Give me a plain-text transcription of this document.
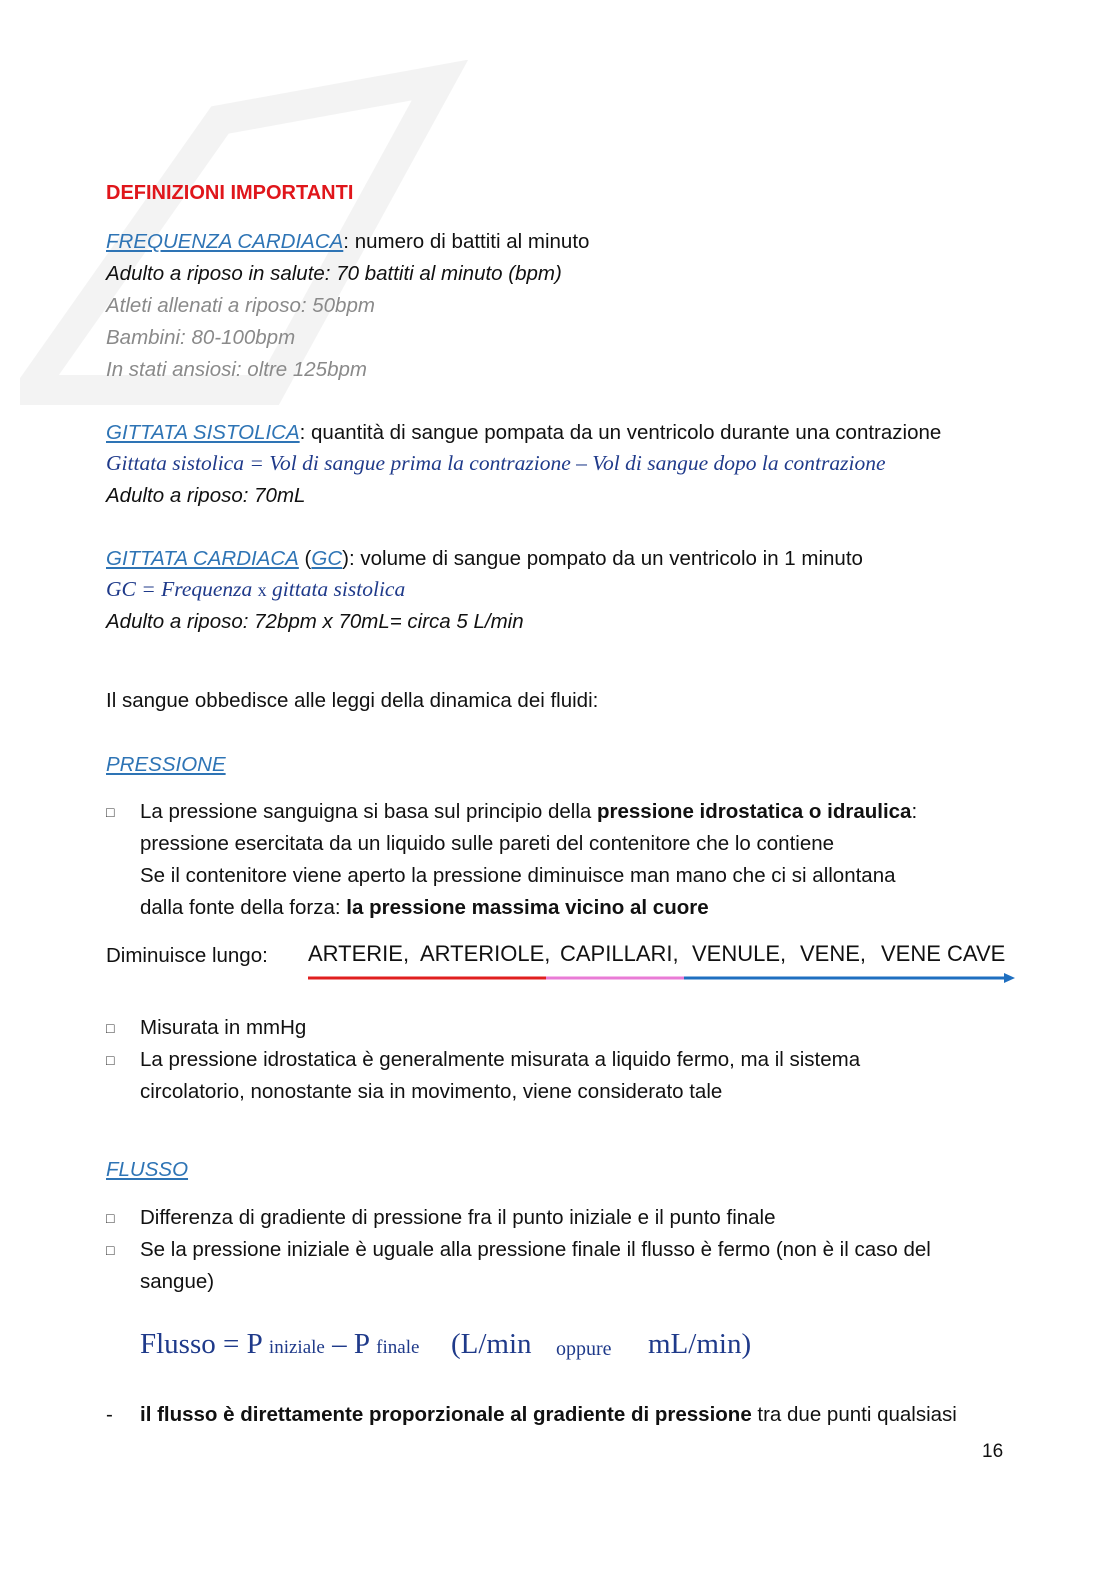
DEFINIZIONI IMPORTANTI
FREQUENZA CARDIACA: numero di battiti al minuto
Adulto a riposo in salute: 70 battiti al minuto (bpm)
Atleti allenati a riposo: 50bpm
Bambini: 80-100bpm
In stati ansiosi: oltre 125bpm
GITTATA SISTOLICA: quantità di sangue pompata da un ventricolo durante una contrazione
Gittata sistolica = Vol di sangue prima la contrazione – Vol di sangue dopo la contrazione
Adulto a riposo: 70mL
GITTATA CARDIACA (GC): volume di sangue pompato da un ventricolo in 1 minuto
GC = Frequenza x gittata sistolica
Adulto a riposo: 72bpm x 70mL= circa 5 L/min
Il sangue obbedisce alle leggi della dinamica dei fluidi:
PRESSIONE
□ La pressione sanguigna si basa sul principio della pressione idrostatica o idraulica:
pressione esercitata da un liquido sulle pareti del contenitore che lo contiene
Se il contenitore viene aperto la pressione diminuisce man mano che ci si allontana
dalla fonte della forza: la pressione massima vicino al cuore
Diminuisce lungo: ARTERIE, ARTERIOLE, CAPILLARI, VENULE, VENE, VENE CAVE
□ Misurata in mmHg
□ La pressione idrostatica è generalmente misurata a liquido fermo, ma il sistema
circolatorio, nonostante sia in movimento, viene considerato tale
FLUSSO
□ Differenza di gradiente di pressione fra il punto iniziale e il punto finale
□ Se la pressione iniziale è uguale alla pressione finale il flusso è fermo (non è il caso del
sangue)
Flusso = P iniziale – P finale (L/min oppure mL/min)
- il flusso è direttamente proporzionale al gradiente di pressione tra due punti qualsiasi
16
